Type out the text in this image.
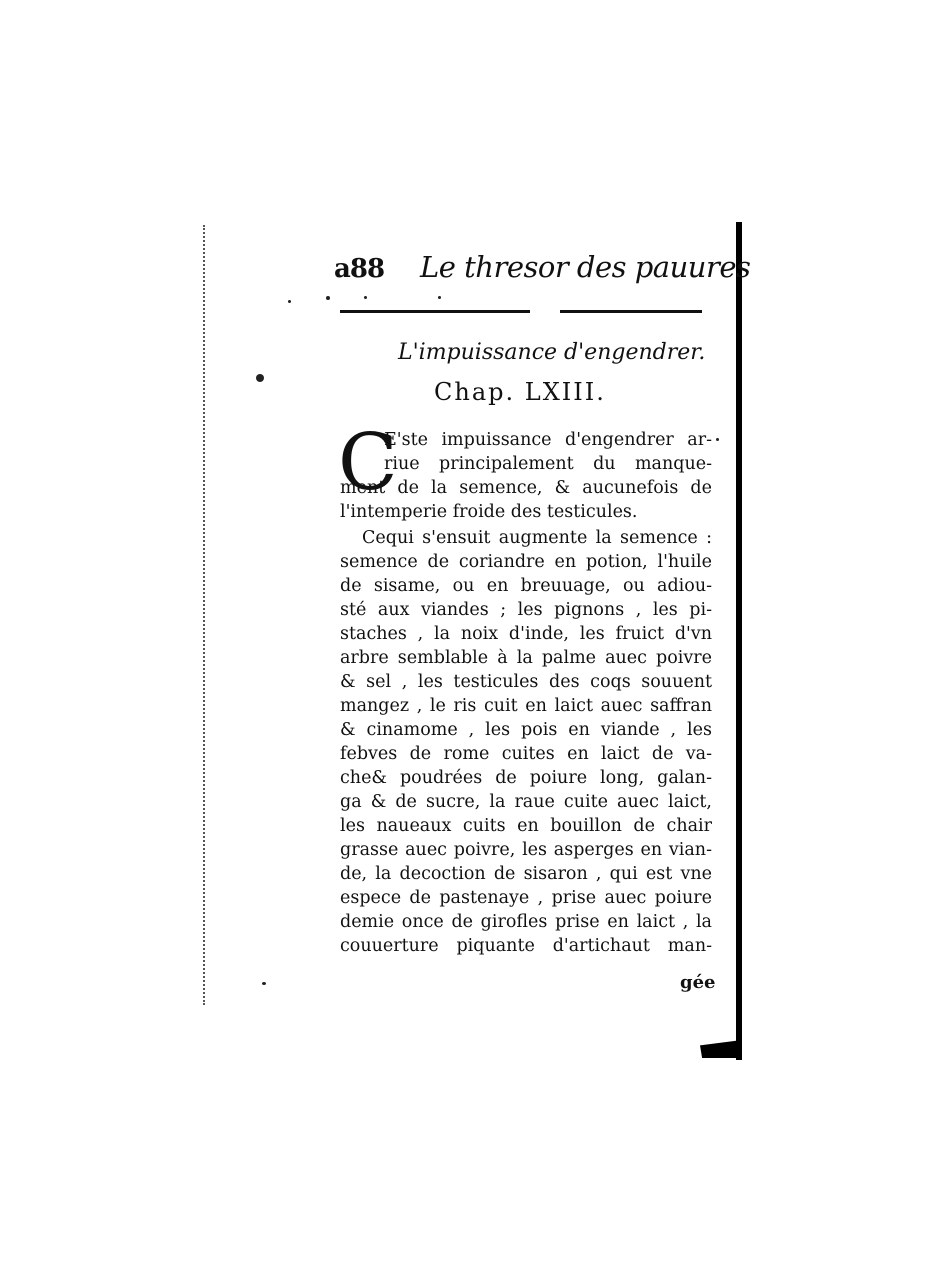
a88 Le thresor des pauures
L'impuissance d'engendrer.
Chap. LXIII.
C
E'ste impuissance d'engendrer ar-
riue principalement du manque-
ment de la semence, & aucunefois de
l'intemperie froide des testicules.
Cequi s'ensuit augmente la semence :
semence de coriandre en potion, l'huile
de sisame, ou en breuuage, ou adiou-
sté aux viandes ; les pignons , les pi-
staches , la noix d'inde, les fruict d'vn
arbre semblable à la palme auec poivre
& sel , les testicules des coqs souuent
mangez , le ris cuit en laict auec saffran
& cinamome , les pois en viande , les
febves de rome cuites en laict de va-
che& poudrées de poiure long, galan-
ga & de sucre, la raue cuite auec laict,
les naueaux cuits en bouillon de chair
grasse auec poivre, les asperges en vian-
de, la decoction de sisaron , qui est vne
espece de pastenaye , prise auec poiure
demie once de girofles prise en laict , la
couuerture piquante d'artichaut man-
gée
